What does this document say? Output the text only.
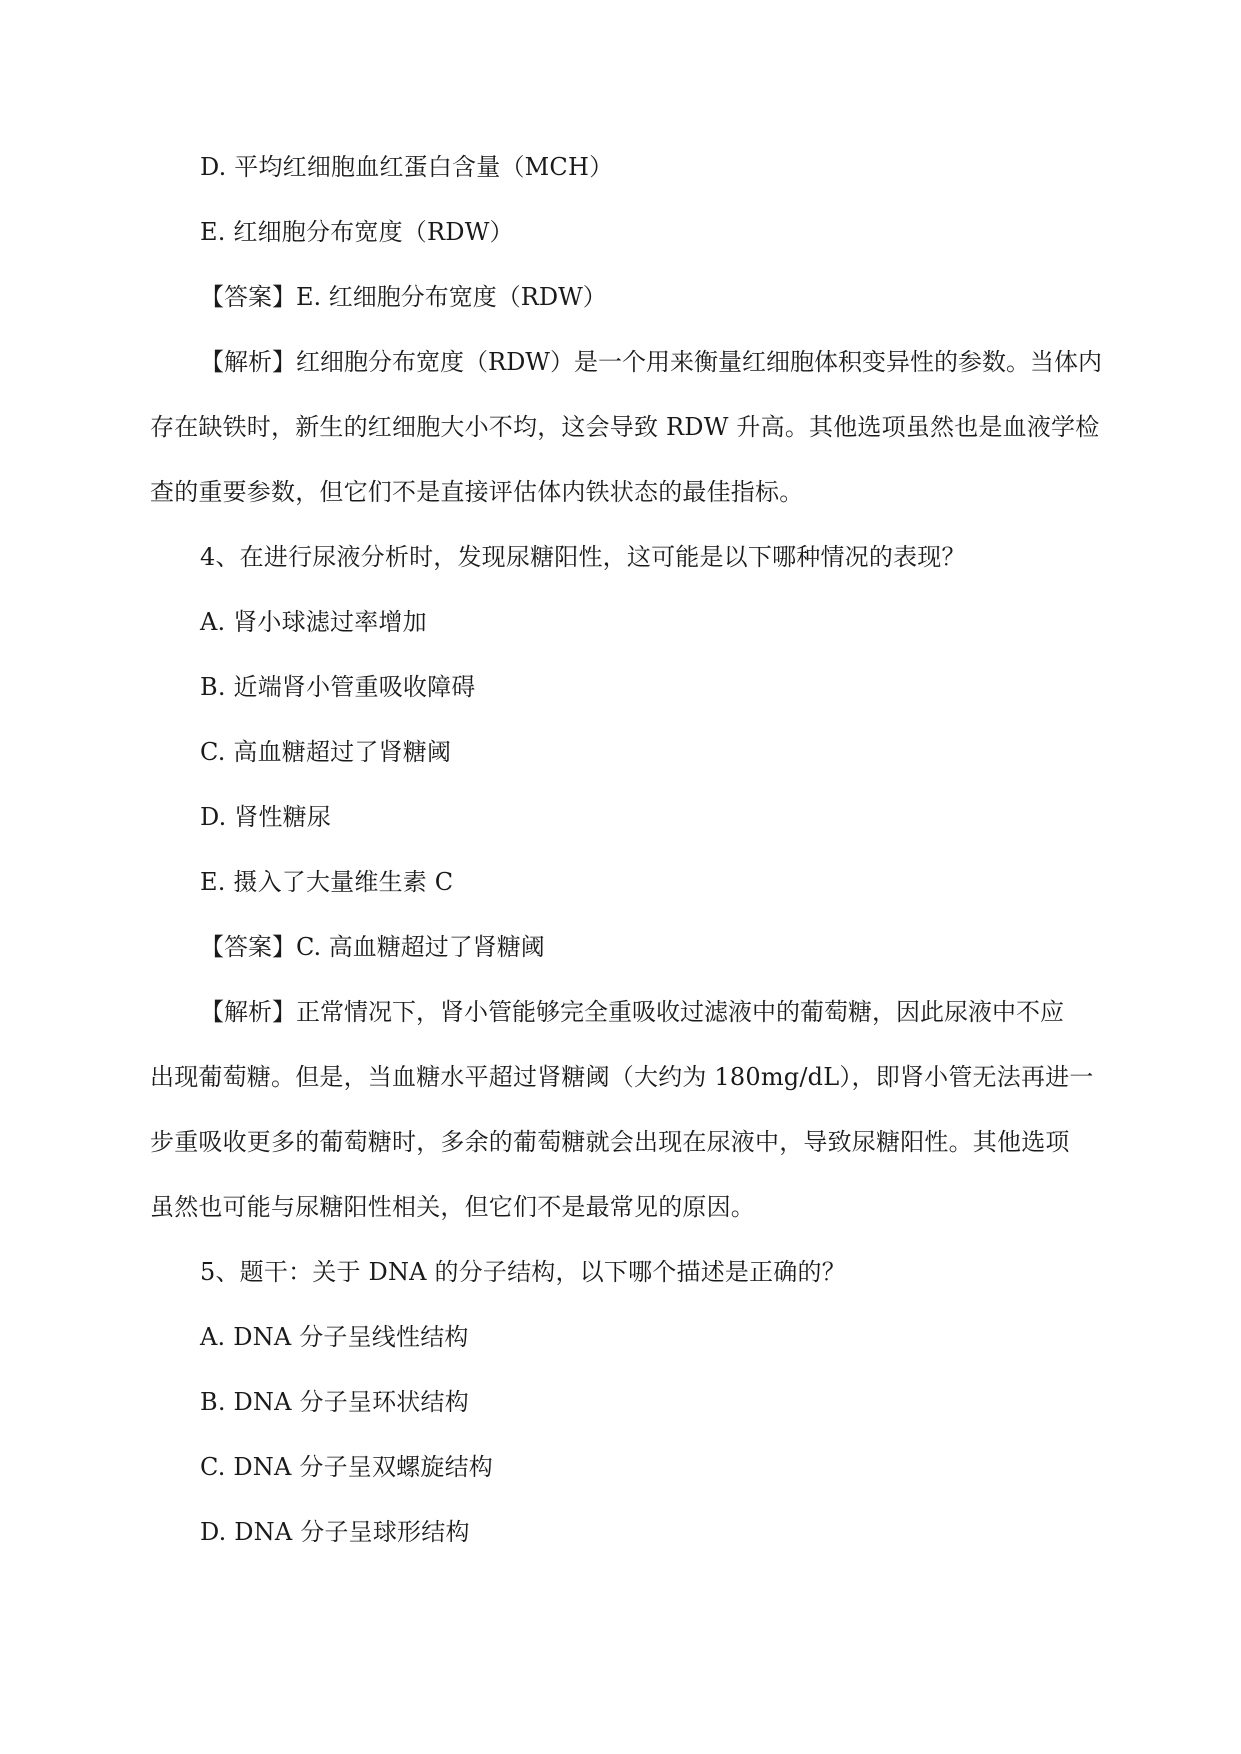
D. 平均红细胞血红蛋白含量（MCH）
E. 红细胞分布宽度（RDW）
【答案】E. 红细胞分布宽度（RDW）
【解析】红细胞分布宽度（RDW）是一个用来衡量红细胞体积变异性的参数。当体内
存在缺铁时，新生的红细胞大小不均，这会导致 RDW 升高。其他选项虽然也是血液学检
查的重要参数，但它们不是直接评估体内铁状态的最佳指标。
4、在进行尿液分析时，发现尿糖阳性，这可能是以下哪种情况的表现？
A. 肾小球滤过率增加
B. 近端肾小管重吸收障碍
C. 高血糖超过了肾糖阈
D. 肾性糖尿
E. 摄入了大量维生素 C
【答案】C. 高血糖超过了肾糖阈
【解析】正常情况下，肾小管能够完全重吸收过滤液中的葡萄糖，因此尿液中不应
出现葡萄糖。但是，当血糖水平超过肾糖阈（大约为 180mg/dL），即肾小管无法再进一
步重吸收更多的葡萄糖时，多余的葡萄糖就会出现在尿液中，导致尿糖阳性。其他选项
虽然也可能与尿糖阳性相关，但它们不是最常见的原因。
5、题干：关于 DNA 的分子结构，以下哪个描述是正确的？
A. DNA 分子呈线性结构
B. DNA 分子呈环状结构
C. DNA 分子呈双螺旋结构
D. DNA 分子呈球形结构
